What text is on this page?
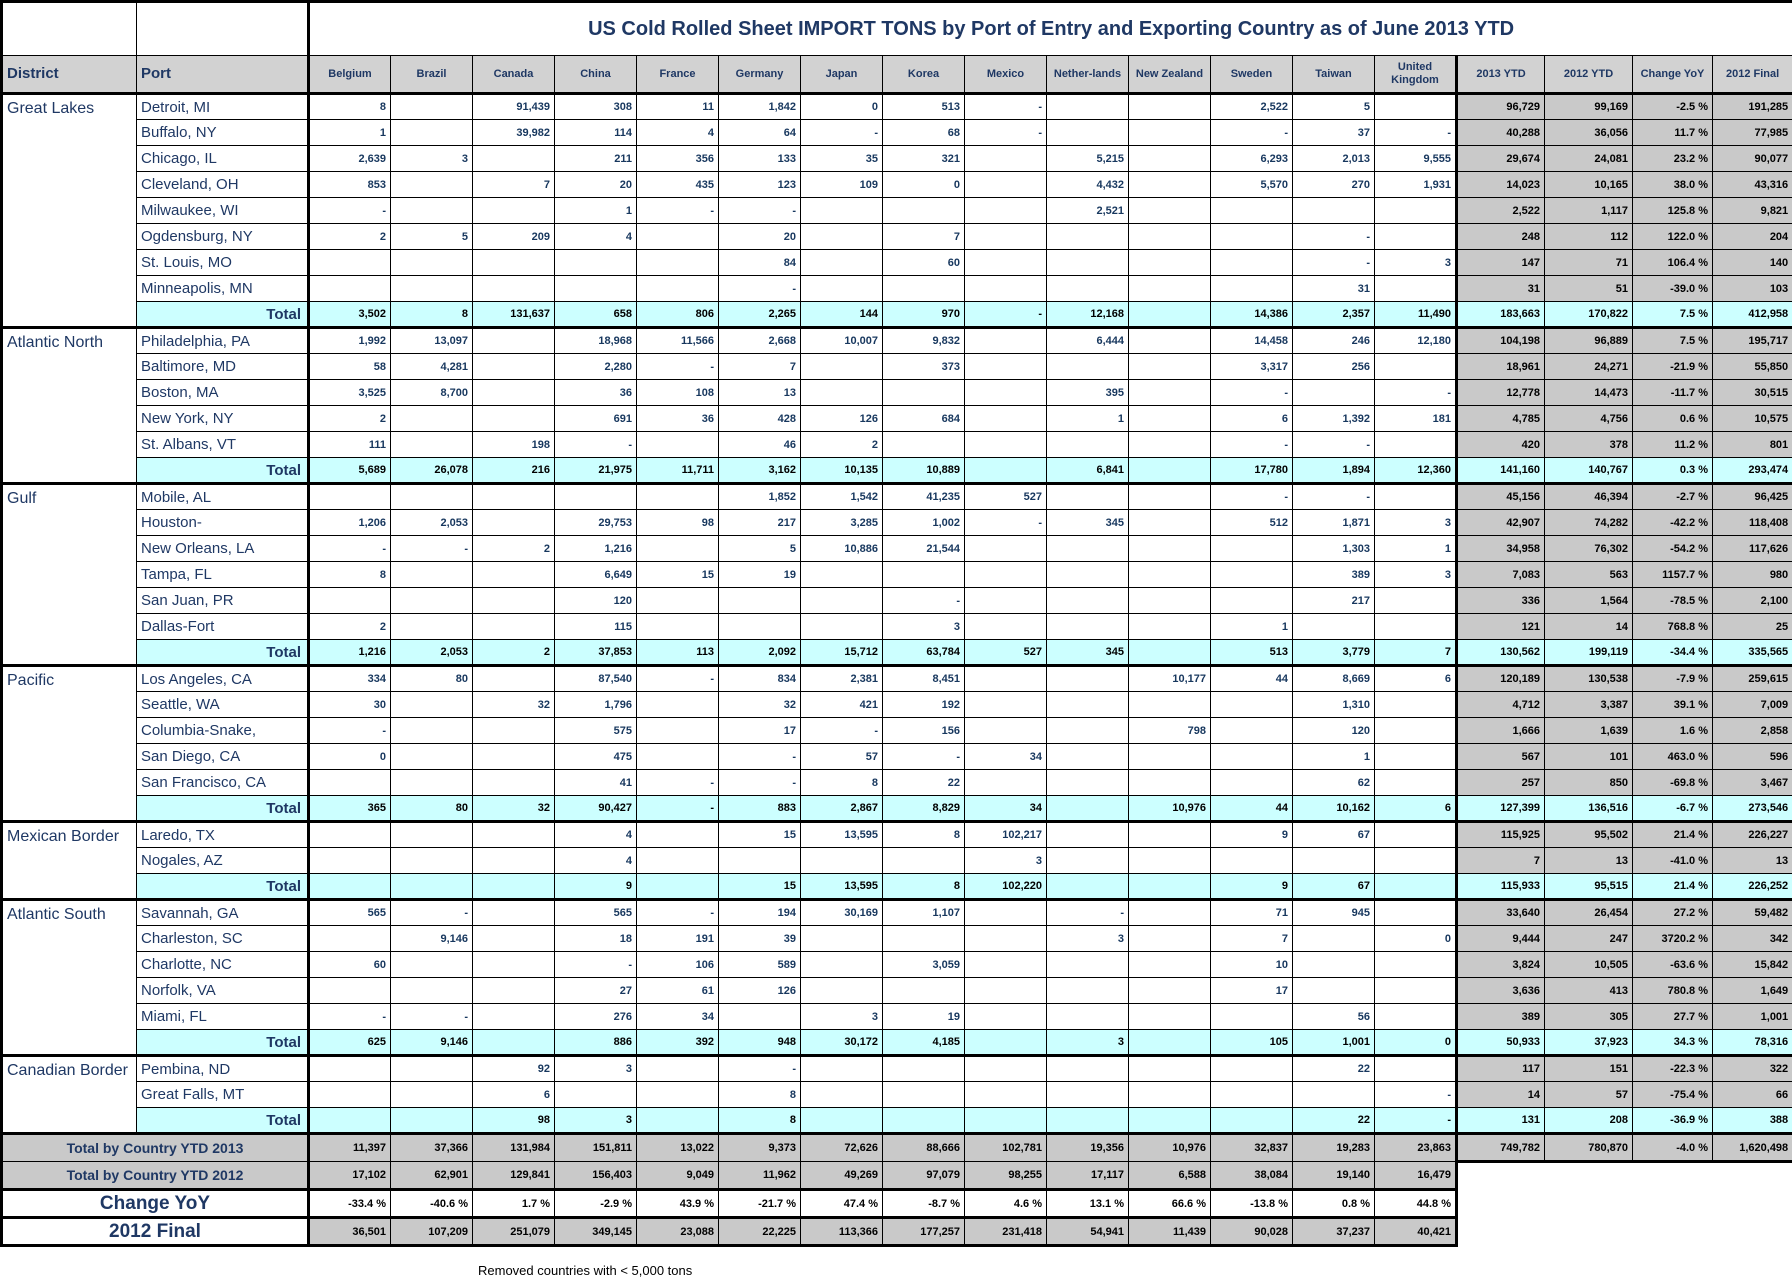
		US Cold Rolled Sheet IMPORT TONS by Port of Entry and Exporting Country as of June 2013 YTD																	
District	Port	Belgium	Brazil	Canada	China	France	Germany	Japan	Korea	Mexico	Nether-lands	New Zealand	Sweden	Taiwan	United Kingdom	2013 YTD	2012 YTD	Change YoY	2012 Final
Great Lakes	Detroit, MI	8		91,439	308	11	1,842	0	513	-			2,522	5		96,729	99,169	-2.5 %	191,285
	Buffalo, NY	1		39,982	114	4	64	-	68	-			-	37	-	40,288	36,056	11.7 %	77,985
	Chicago, IL	2,639	3		211	356	133	35	321		5,215		6,293	2,013	9,555	29,674	24,081	23.2 %	90,077
	Cleveland, OH	853		7	20	435	123	109	0		4,432		5,570	270	1,931	14,023	10,165	38.0 %	43,316
	Milwaukee, WI	-			1	-	-				2,521					2,522	1,117	125.8 %	9,821
	Ogdensburg, NY	2	5	209	4		20		7					-		248	112	122.0 %	204
	St. Louis, MO						84		60					-	3	147	71	106.4 %	140
	Minneapolis, MN						-							31		31	51	-39.0 %	103
	Total	3,502	8	131,637	658	806	2,265	144	970	-	12,168		14,386	2,357	11,490	183,663	170,822	7.5 %	412,958
Atlantic North	Philadelphia, PA	1,992	13,097		18,968	11,566	2,668	10,007	9,832		6,444		14,458	246	12,180	104,198	96,889	7.5 %	195,717
	Baltimore, MD	58	4,281		2,280	-	7		373				3,317	256		18,961	24,271	-21.9 %	55,850
	Boston, MA	3,525	8,700		36	108	13				395		-		-	12,778	14,473	-11.7 %	30,515
	New York, NY	2			691	36	428	126	684		1		6	1,392	181	4,785	4,756	0.6 %	10,575
	St. Albans, VT	111		198	-		46	2					-	-		420	378	11.2 %	801
	Total	5,689	26,078	216	21,975	11,711	3,162	10,135	10,889		6,841		17,780	1,894	12,360	141,160	140,767	0.3 %	293,474
Gulf	Mobile, AL						1,852	1,542	41,235	527			-	-		45,156	46,394	-2.7 %	96,425
	Houston-	1,206	2,053		29,753	98	217	3,285	1,002	-	345		512	1,871	3	42,907	74,282	-42.2 %	118,408
	New Orleans, LA	-	-	2	1,216		5	10,886	21,544					1,303	1	34,958	76,302	-54.2 %	117,626
	Tampa, FL	8			6,649	15	19							389	3	7,083	563	1157.7 %	980
	San Juan, PR				120				-					217		336	1,564	-78.5 %	2,100
	Dallas-Fort	2			115				3				1			121	14	768.8 %	25
	Total	1,216	2,053	2	37,853	113	2,092	15,712	63,784	527	345		513	3,779	7	130,562	199,119	-34.4 %	335,565
Pacific	Los Angeles, CA	334	80		87,540	-	834	2,381	8,451			10,177	44	8,669	6	120,189	130,538	-7.9 %	259,615
	Seattle, WA	30		32	1,796		32	421	192					1,310		4,712	3,387	39.1 %	7,009
	Columbia-Snake,	-			575		17	-	156			798		120		1,666	1,639	1.6 %	2,858
	San Diego, CA	0			475		-	57	-	34				1		567	101	463.0 %	596
	San Francisco, CA				41	-	-	8	22					62		257	850	-69.8 %	3,467
	Total	365	80	32	90,427	-	883	2,867	8,829	34		10,976	44	10,162	6	127,399	136,516	-6.7 %	273,546
Mexican Border	Laredo, TX				4		15	13,595	8	102,217			9	67		115,925	95,502	21.4 %	226,227
	Nogales, AZ				4					3						7	13	-41.0 %	13
	Total				9		15	13,595	8	102,220			9	67		115,933	95,515	21.4 %	226,252
Atlantic South	Savannah, GA	565	-		565	-	194	30,169	1,107		-		71	945		33,640	26,454	27.2 %	59,482
	Charleston, SC		9,146		18	191	39				3		7		0	9,444	247	3720.2 %	342
	Charlotte, NC	60			-	106	589		3,059				10			3,824	10,505	-63.6 %	15,842
	Norfolk, VA				27	61	126						17			3,636	413	780.8 %	1,649
	Miami, FL	-	-		276	34		3	19					56		389	305	27.7 %	1,001
	Total	625	9,146		886	392	948	30,172	4,185		3		105	1,001	0	50,933	37,923	34.3 %	78,316
Canadian Border	Pembina, ND			92	3		-							22		117	151	-22.3 %	322
	Great Falls, MT			6			8								-	14	57	-75.4 %	66
	Total			98	3		8							22	-	131	208	-36.9 %	388
Total by Country YTD 2013		11,397	37,366	131,984	151,811	13,022	9,373	72,626	88,666	102,781	19,356	10,976	32,837	19,283	23,863	749,782	780,870	-4.0 %	1,620,498
Total by Country YTD 2012		17,102	62,901	129,841	156,403	9,049	11,962	49,269	97,079	98,255	17,117	6,588	38,084	19,140	16,479				
Change YoY		-33.4 %	-40.6 %	1.7 %	-2.9 %	43.9 %	-21.7 %	47.4 %	-8.7 %	4.6 %	13.1 %	66.6 %	-13.8 %	0.8 %	44.8 %				
2012 Final		36,501	107,209	251,079	349,145	23,088	22,225	113,366	177,257	231,418	54,941	11,439	90,028	37,237	40,421				
Removed countries with < 5,000 tons
